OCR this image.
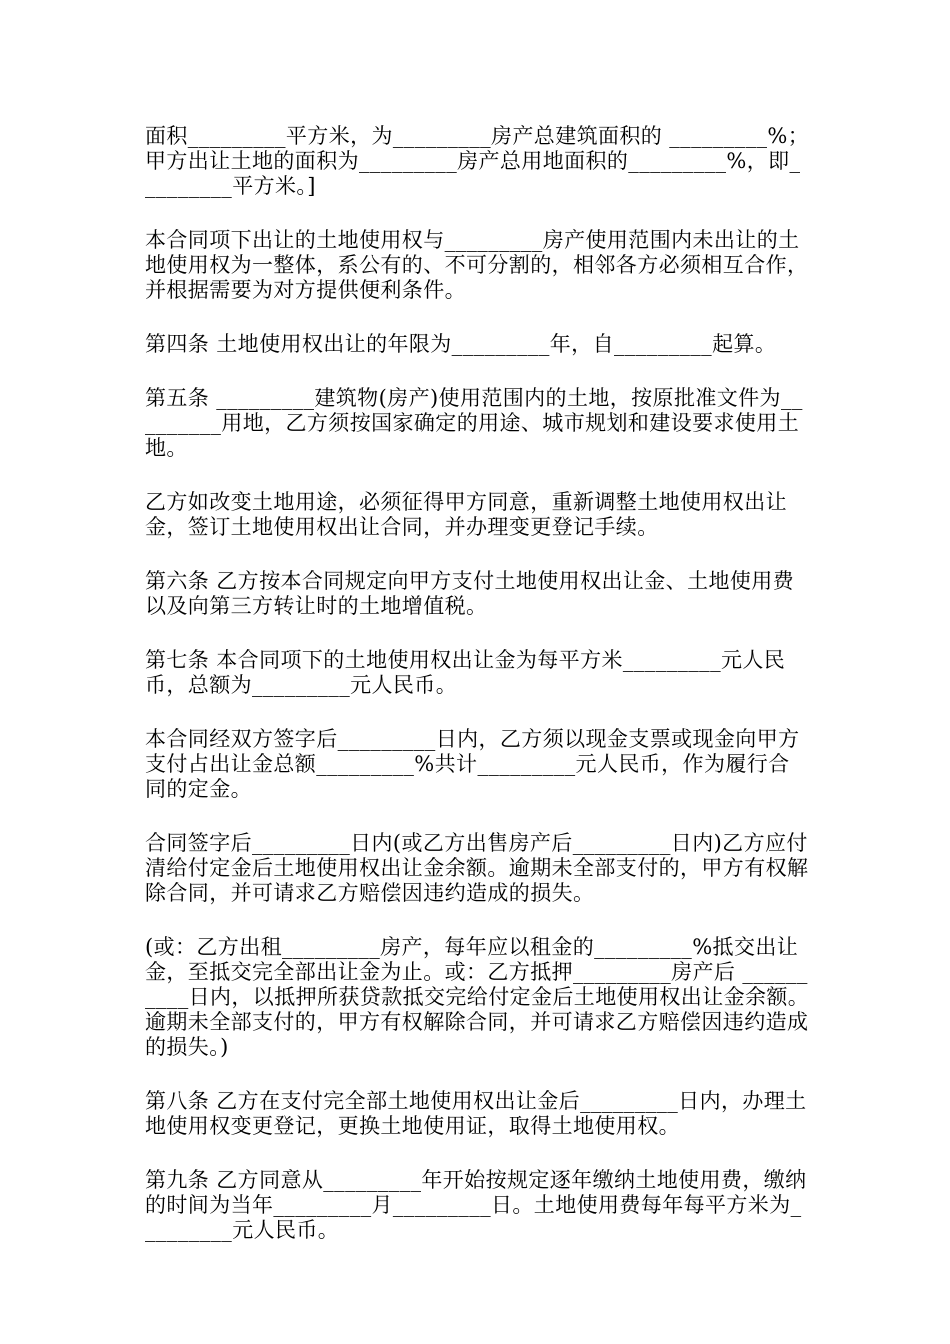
面积_________平方米，为_________房产总建筑面积的 _________%；甲方出让土地的面积为_________房产总用地面积的_________%，即_________平方米。]

本合同项下出让的土地使用权与_________房产使用范围内未出让的土地使用权为一整体，系公有的、不可分割的，相邻各方必须相互合作，并根据需要为对方提供便利条件。

第四条 土地使用权出让的年限为_________年，自_________起算。

第五条 _________建筑物(房产)使用范围内的土地，按原批准文件为_________用地，乙方须按国家确定的用途、城市规划和建设要求使用土地。

乙方如改变土地用途，必须征得甲方同意，重新调整土地使用权出让金，签订土地使用权出让合同，并办理变更登记手续。

第六条 乙方按本合同规定向甲方支付土地使用权出让金、土地使用费以及向第三方转让时的土地增值税。

第七条 本合同项下的土地使用权出让金为每平方米_________元人民币，总额为_________元人民币。

本合同经双方签字后_________日内，乙方须以现金支票或现金向甲方支付占出让金总额_________%共计_________元人民币，作为履行合同的定金。

合同签字后_________日内(或乙方出售房产后_________日内)乙方应付清给付定金后土地使用权出让金余额。逾期未全部支付的，甲方有权解除合同，并可请求乙方赔偿因违约造成的损失。

(或：乙方出租_________房产，每年应以租金的_________%抵交出让金，至抵交完全部出让金为止。或：乙方抵押_________房产后 __________日内，以抵押所获贷款抵交完给付定金后土地使用权出让金余额。逾期未全部支付的，甲方有权解除合同，并可请求乙方赔偿因违约造成的损失。)

第八条 乙方在支付完全部土地使用权出让金后_________日内，办理土地使用权变更登记，更换土地使用证，取得土地使用权。

第九条 乙方同意从_________年开始按规定逐年缴纳土地使用费，缴纳的时间为当年_________月_________日。土地使用费每年每平方米为_________元人民币。
